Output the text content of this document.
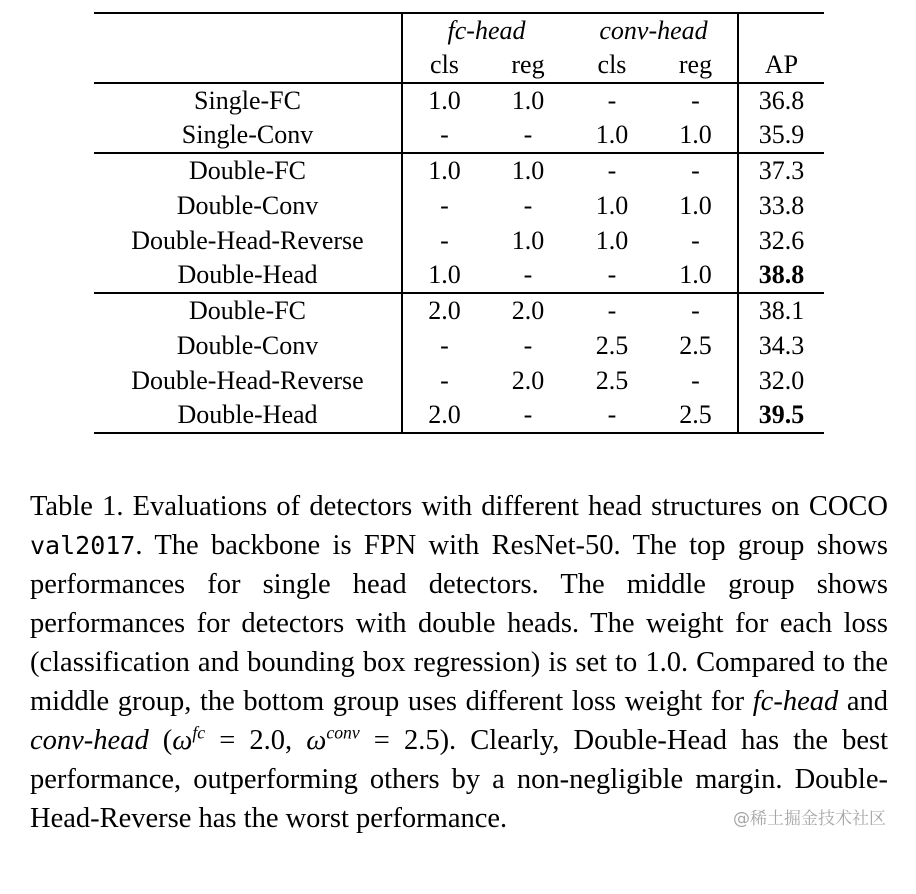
	fc-head		conv-head		
	cls	reg	cls	reg	AP
Single-FC	1.0	1.0	-	-	36.8
Single-Conv	-	-	1.0	1.0	35.9
Double-FC	1.0	1.0	-	-	37.3
Double-Conv	-	-	1.0	1.0	33.8
Double-Head-Reverse	-	1.0	1.0	-	32.6
Double-Head	1.0	-	-	1.0	38.8
Double-FC	2.0	2.0	-	-	38.1
Double-Conv	-	-	2.5	2.5	34.3
Double-Head-Reverse	-	2.0	2.5	-	32.0
Double-Head	2.0	-	-	2.5	39.5
Table 1. Evaluations of detectors with different head structures on COCO val2017. The backbone is FPN with ResNet-50. The top group shows performances for single head detectors. The middle group shows performances for detectors with double heads. The weight for each loss (classification and bounding box regression) is set to 1.0. Compared to the middle group, the bottom group uses different loss weight for fc-head and conv-head ($\omega^{fc} = 2.0$, $\omega^{conv} = 2.5$). Clearly, Double-Head has the best performance, outperforming others by a non-negligible margin. Double-Head-Reverse has the worst performance.	@稀土掘金技术社区
